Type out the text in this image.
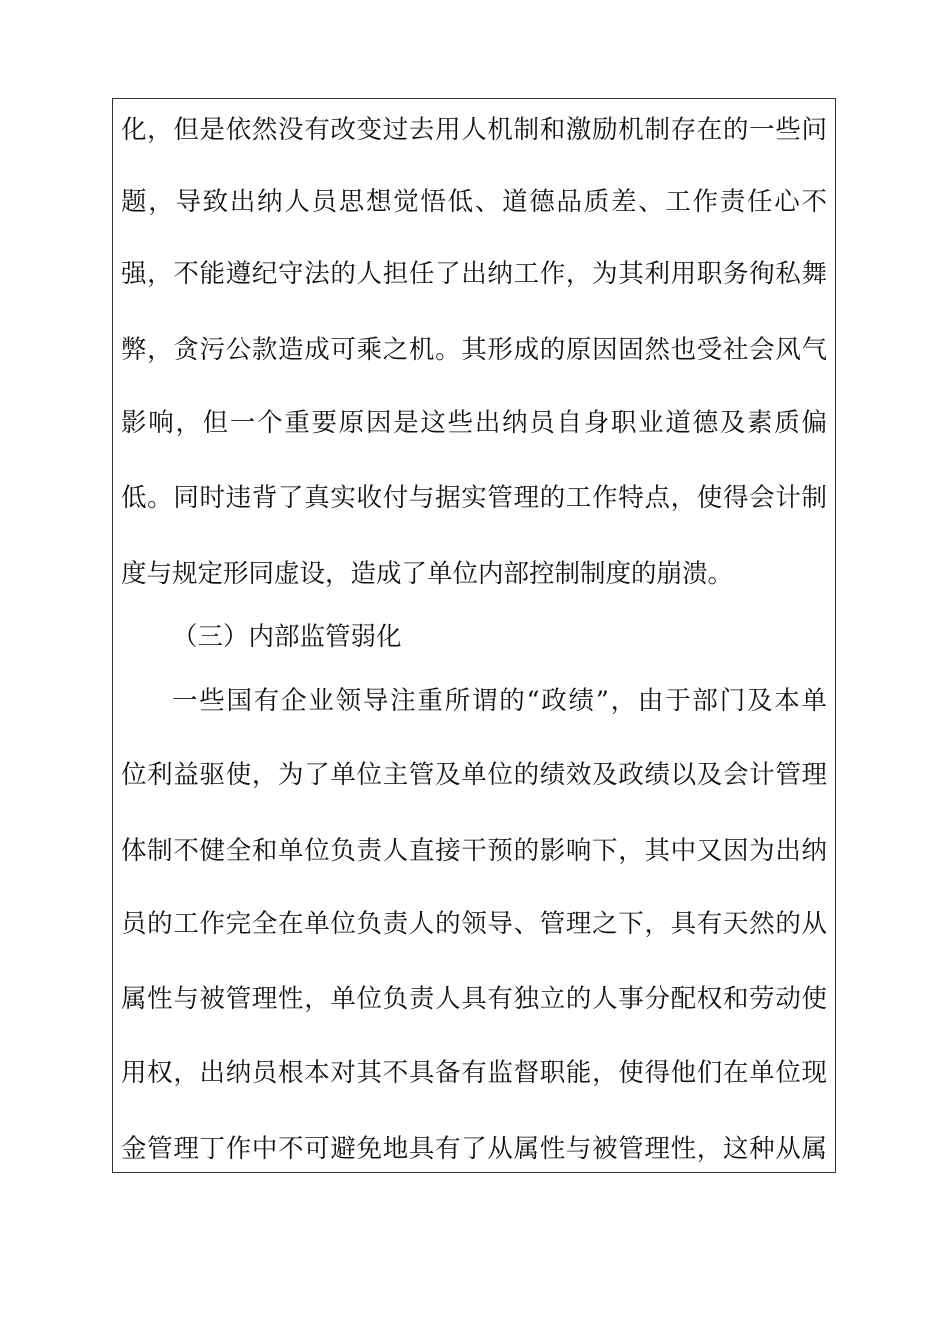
化，但是依然没有改变过去用人机制和激励机制存在的一些问
题，导致出纳人员思想觉悟低、道德品质差、工作责任心不
强，不能遵纪守法的人担任了出纳工作，为其利用职务徇私舞
弊，贪污公款造成可乘之机。其形成的原因固然也受社会风气
影响，但一个重要原因是这些出纳员自身职业道德及素质偏
低。同时违背了真实收付与据实管理的工作特点，使得会计制
度与规定形同虚设，造成了单位内部控制制度的崩溃。
（三）内部监管弱化
一些国有企业领导注重所谓的“政绩”，由于部门及本单
位利益驱使，为了单位主管及单位的绩效及政绩以及会计管理
体制不健全和单位负责人直接干预的影响下，其中又因为出纳
员的工作完全在单位负责人的领导、管理之下，具有天然的从
属性与被管理性，单位负责人具有独立的人事分配权和劳动使
用权，出纳员根本对其不具备有监督职能，使得他们在单位现
金管理丁作中不可避免地具有了从属性与被管理性，这种从属
